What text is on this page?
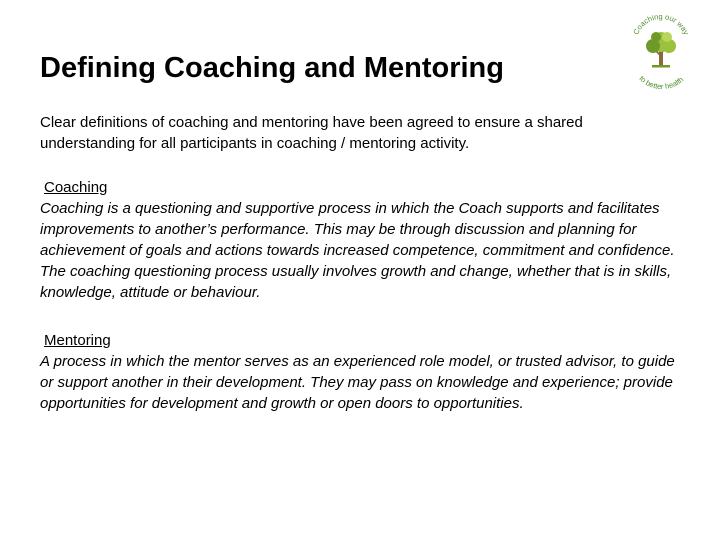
Defining Coaching and Mentoring
Coaching our way
to better health

Clear definitions of coaching and mentoring have been agreed to ensure a shared understanding for all participants in coaching / mentoring activity.

Coaching
Coaching is a questioning and supportive process in which the Coach supports and facilitates improvements to another’s performance. This may be through discussion and planning for achievement of goals and actions towards increased competence, commitment and confidence. The coaching questioning process usually involves growth and change, whether that is in skills, knowledge, attitude or behaviour.
Mentoring
A process in which the mentor serves as an experienced role model, or trusted advisor, to guide or support another in their development. They may pass on knowledge and experience; provide opportunities for development and growth or open doors to opportunities.
